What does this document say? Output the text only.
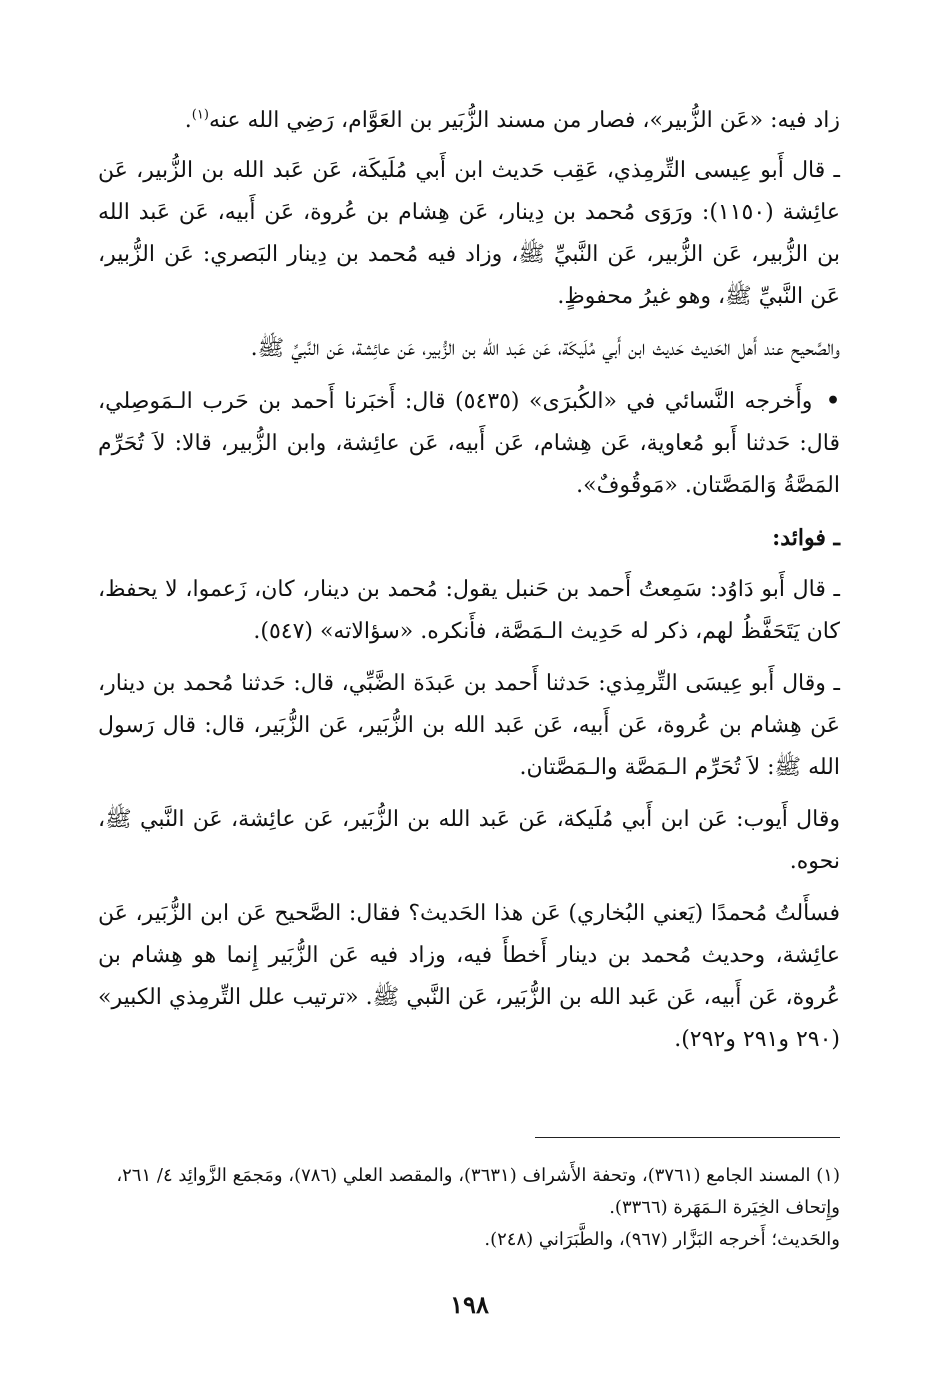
زاد فيه: «عَن الزُّبير»، فصار من مسند الزُّبَير بن العَوَّام، رَضِي الله عنه$^{(١)}$.

ـ قال أَبو عِيسى التِّرمِذي، عَقِب حَديث ابن أَبي مُلَيكَة، عَن عَبد الله بن الزُّبير، عَن عائِشة (١١٥٠): ورَوَى مُحمد بن دِينار، عَن هِشام بن عُروة، عَن أَبيه، عَن عَبد الله بن الزُّبير، عَن الزُّبير، عَن النَّبيِّ ﷺ، وزاد فيه مُحمد بن دِينار البَصري: عَن الزُّبير، عَن النَّبيِّ ﷺ، وهو غيرُ محفوظٍ.

والصَّحيح عند أَهل الحَديث حَديث ابن أَبي مُلَيكَة، عَن عَبد الله بن الزُّبير، عَن عائِشة، عَن النَّبيِّ ﷺ.

• وأَخرجه النَّسائي في «الكُبرَى» (٥٤٣٥) قال: أَخبَرنا أَحمد بن حَرب الـمَوصِلي، قال: حَدثنا أَبو مُعاوية، عَن هِشام، عَن أَبيه، عَن عائِشة، وابن الزُّبير، قالا: لاَ تُحَرِّم المَصَّةُ وَالمَصَّتان. «مَوقُوفٌ».

ـ فوائد:

ـ قال أَبو دَاوُد: سَمِعتُ أَحمد بن حَنبل يقول: مُحمد بن دينار، كان، زَعموا، لا يحفظ، كان يَتَحَفَّظُ لهم، ذكر له حَدِيث الـمَصَّة، فأَنكره. «سؤالاته» (٥٤٧).

ـ وقال أَبو عِيسَى التِّرمِذي: حَدثنا أَحمد بن عَبدَة الضَّبِّي، قال: حَدثنا مُحمد بن دينار، عَن هِشام بن عُروة، عَن أَبيه، عَن عَبد الله بن الزُّبَير، عَن الزُّبَير، قال: قال رَسول الله ﷺ: لاَ تُحَرِّم الـمَصَّة والـمَصَّتان.

وقال أَيوب: عَن ابن أَبي مُلَيكة، عَن عَبد الله بن الزُّبَير، عَن عائِشة، عَن النَّبي ﷺ، نحوه.

فسأَلتُ مُحمدًا (يَعني البُخاري) عَن هذا الحَديث؟ فقال: الصَّحيح عَن ابن الزُّبَير، عَن عائِشة، وحديث مُحمد بن دينار أَخطأَ فيه، وزاد فيه عَن الزُّبَير إِنما هو هِشام بن عُروة، عَن أَبيه، عَن عَبد الله بن الزُّبَير، عَن النَّبي ﷺ. «ترتيب علل التِّرمِذي الكبير» (٢٩٠ و٢٩١ و٢٩٢).

(١) المسند الجامع (٣٧٦١)، وتحفة الأَشراف (٣٦٣١)، والمقصد العلي (٧٨٦)، ومَجمَع الزَّوائِد ٤/ ٢٦١، وإِتحاف الخِيَرة الـمَهَرة (٣٣٦٦).

والحَديث؛ أَخرجه البَزَّار (٩٦٧)، والطَّبَرَاني (٢٤٨).

١٩٨
